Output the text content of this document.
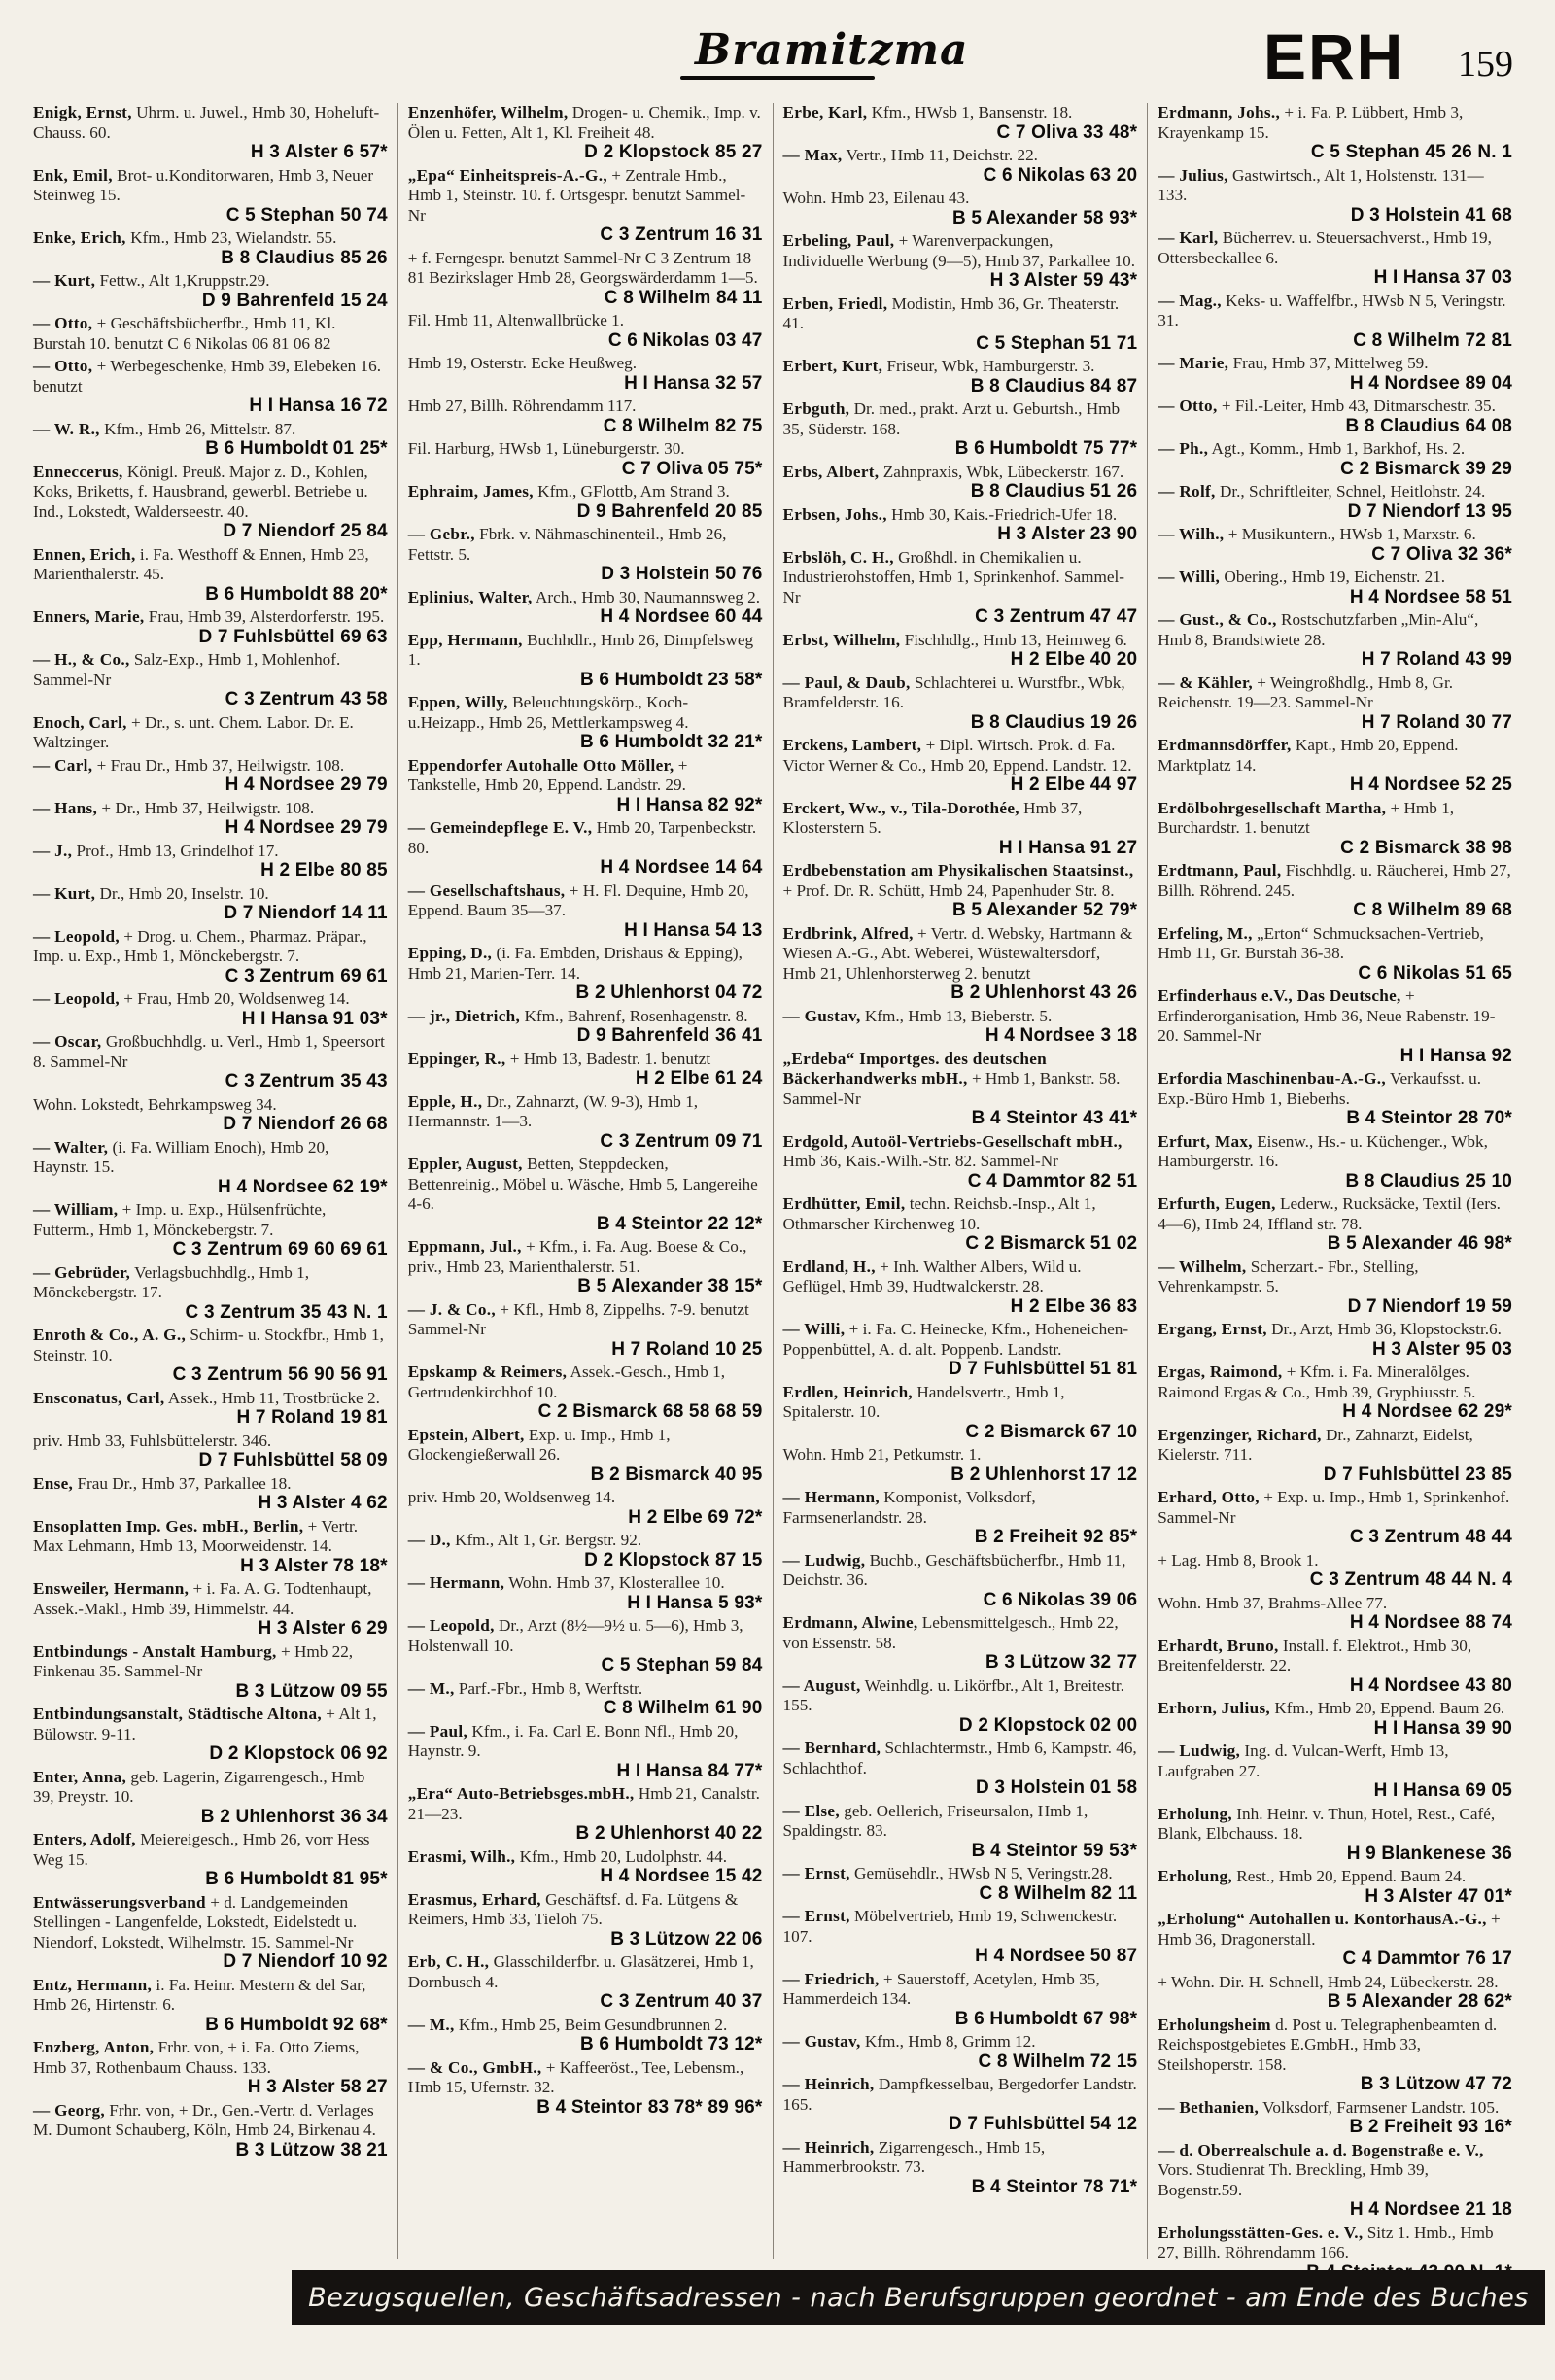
Bramitzma	ERH 159
Enigk, Ernst, Uhrm. u. Juwel., Hmb 30, Hoheluft-Chauss. 60.
H 3 Alster 6 57*
Enk, Emil, Brot- u.Konditorwaren, Hmb 3, Neuer Steinweg 15.
C 5 Stephan 50 74
Enke, Erich, Kfm., Hmb 23, Wielandstr. 55.
B 8 Claudius 85 26
— Kurt, Fettw., Alt 1,Kruppstr.29.
D 9 Bahrenfeld 15 24
— Otto, + Geschäftsbücherfbr., Hmb 11, Kl. Burstah 10. benutzt C 6 Nikolas 06 81 06 82
— Otto, + Werbegeschenke, Hmb 39, Elebeken 16. benutzt
H I Hansa 16 72
— W. R., Kfm., Hmb 26, Mittelstr. 87.
B 6 Humboldt 01 25*
Enneccerus, Königl. Preuß. Major z. D., Kohlen, Koks, Briketts, f. Hausbrand, gewerbl. Betriebe u. Ind., Lokstedt, Walderseestr. 40.
D 7 Niendorf 25 84
Ennen, Erich, i. Fa. Westhoff & Ennen, Hmb 23, Marienthalerstr. 45.
B 6 Humboldt 88 20*
Enners, Marie, Frau, Hmb 39, Alsterdorferstr. 195.
D 7 Fuhlsbüttel 69 63
— H., & Co., Salz-Exp., Hmb 1, Mohlenhof. Sammel-Nr
C 3 Zentrum 43 58
Enoch, Carl, + Dr., s. unt. Chem. Labor. Dr. E. Waltzinger.
— Carl, + Frau Dr., Hmb 37, Heilwigstr. 108.
H 4 Nordsee 29 79
— Hans, + Dr., Hmb 37, Heilwigstr. 108.
H 4 Nordsee 29 79
— J., Prof., Hmb 13, Grindelhof 17.
H 2 Elbe 80 85
— Kurt, Dr., Hmb 20, Inselstr. 10.
D 7 Niendorf 14 11
— Leopold, + Drog. u. Chem., Pharmaz. Präpar., Imp. u. Exp., Hmb 1, Mönckebergstr. 7.
C 3 Zentrum 69 61
— Leopold, + Frau, Hmb 20, Woldsenweg 14.
H I Hansa 91 03*
— Oscar, Großbuchhdlg. u. Verl., Hmb 1, Speersort 8. Sammel-Nr
C 3 Zentrum 35 43
Wohn. Lokstedt, Behrkampsweg 34.
D 7 Niendorf 26 68
— Walter, (i. Fa. William Enoch), Hmb 20, Haynstr. 15.
H 4 Nordsee 62 19*
— William, + Imp. u. Exp., Hülsenfrüchte, Futterm., Hmb 1, Mönckebergstr. 7.
C 3 Zentrum 69 60 69 61
— Gebrüder, Verlagsbuchhdlg., Hmb 1, Mönckebergstr. 17.
C 3 Zentrum 35 43 N. 1
Enroth & Co., A. G., Schirm- u. Stockfbr., Hmb 1, Steinstr. 10.
C 3 Zentrum 56 90 56 91
Ensconatus, Carl, Assek., Hmb 11, Trostbrücke 2.
H 7 Roland 19 81
priv. Hmb 33, Fuhlsbüttelerstr. 346.
D 7 Fuhlsbüttel 58 09
Ense, Frau Dr., Hmb 37, Parkallee 18.
H 3 Alster 4 62
Ensoplatten Imp. Ges. mbH., Berlin, + Vertr. Max Lehmann, Hmb 13, Moorweidenstr. 14.
H 3 Alster 78 18*
Ensweiler, Hermann, + i. Fa. A. G. Todtenhaupt, Assek.-Makl., Hmb 39, Himmelstr. 44.
H 3 Alster 6 29
Entbindungs - Anstalt Hamburg, + Hmb 22, Finkenau 35. Sammel-Nr
B 3 Lützow 09 55
Entbindungsanstalt, Städtische Altona, + Alt 1, Bülowstr. 9-11.
D 2 Klopstock 06 92
Enter, Anna, geb. Lagerin, Zigarrengesch., Hmb 39, Preystr. 10.
B 2 Uhlenhorst 36 34
Enters, Adolf, Meiereigesch., Hmb 26, vorr Hess Weg 15.
B 6 Humboldt 81 95*
Entwässerungsverband + d. Landgemeinden Stellingen - Langenfelde, Lokstedt, Eidelstedt u. Niendorf, Lokstedt, Wilhelmstr. 15. Sammel-Nr
D 7 Niendorf 10 92
Entz, Hermann, i. Fa. Heinr. Mestern & del Sar, Hmb 26, Hirtenstr. 6.
B 6 Humboldt 92 68*
Enzberg, Anton, Frhr. von, + i. Fa. Otto Ziems, Hmb 37, Rothenbaum Chauss. 133.
H 3 Alster 58 27
— Georg, Frhr. von, + Dr., Gen.-Vertr. d. Verlages M. Dumont Schauberg, Köln, Hmb 24, Birkenau 4.
B 3 Lützow 38 21
Enzenhöfer, Wilhelm, Drogen- u. Chemik., Imp. v. Ölen u. Fetten, Alt 1, Kl. Freiheit 48.
D 2 Klopstock 85 27
„Epa“ Einheitspreis-A.-G., + Zentrale Hmb., Hmb 1, Steinstr. 10. f. Ortsgespr. benutzt Sammel-Nr
C 3 Zentrum 16 31
+ f. Ferngespr. benutzt Sammel-Nr C 3 Zentrum 18 81 Bezirkslager Hmb 28, Georgswärderdamm 1—5.
C 8 Wilhelm 84 11
Fil. Hmb 11, Altenwallbrücke 1.
C 6 Nikolas 03 47
Hmb 19, Osterstr. Ecke Heußweg.
H I Hansa 32 57
Hmb 27, Billh. Röhrendamm 117.
C 8 Wilhelm 82 75
Fil. Harburg, HWsb 1, Lüneburgerstr. 30.
C 7 Oliva 05 75*
Ephraim, James, Kfm., GFlottb, Am Strand 3.
D 9 Bahrenfeld 20 85
— Gebr., Fbrk. v. Nähmaschinenteil., Hmb 26, Fettstr. 5.
D 3 Holstein 50 76
Eplinius, Walter, Arch., Hmb 30, Naumannsweg 2.
H 4 Nordsee 60 44
Epp, Hermann, Buchhdlr., Hmb 26, Dimpfelsweg 1.
B 6 Humboldt 23 58*
Eppen, Willy, Beleuchtungskörp., Koch-u.Heizapp., Hmb 26, Mettlerkampsweg 4.
B 6 Humboldt 32 21*
Eppendorfer Autohalle Otto Möller, + Tankstelle, Hmb 20, Eppend. Landstr. 29.
H I Hansa 82 92*
— Gemeindepflege E. V., Hmb 20, Tarpenbeckstr. 80.
H 4 Nordsee 14 64
— Gesellschaftshaus, + H. Fl. Dequine, Hmb 20, Eppend. Baum 35—37.
H I Hansa 54 13
Epping, D., (i. Fa. Embden, Drishaus & Epping), Hmb 21, Marien-Terr. 14.
B 2 Uhlenhorst 04 72
— jr., Dietrich, Kfm., Bahrenf, Rosenhagenstr. 8.
D 9 Bahrenfeld 36 41
Eppinger, R., + Hmb 13, Badestr. 1. benutzt
H 2 Elbe 61 24
Epple, H., Dr., Zahnarzt, (W. 9-3), Hmb 1, Hermannstr. 1—3.
C 3 Zentrum 09 71
Eppler, August, Betten, Steppdecken, Bettenreinig., Möbel u. Wäsche, Hmb 5, Langereihe 4-6.
B 4 Steintor 22 12*
Eppmann, Jul., + Kfm., i. Fa. Aug. Boese & Co., priv., Hmb 23, Marienthalerstr. 51.
B 5 Alexander 38 15*
— J. & Co., + Kfl., Hmb 8, Zippelhs. 7-9. benutzt Sammel-Nr
H 7 Roland 10 25
Epskamp & Reimers, Assek.-Gesch., Hmb 1, Gertrudenkirchhof 10.
C 2 Bismarck 68 58 68 59
Epstein, Albert, Exp. u. Imp., Hmb 1, Glockengießerwall 26.
B 2 Bismarck 40 95
priv. Hmb 20, Woldsenweg 14.
H 2 Elbe 69 72*
— D., Kfm., Alt 1, Gr. Bergstr. 92.
D 2 Klopstock 87 15
— Hermann, Wohn. Hmb 37, Klosterallee 10.
H I Hansa 5 93*
— Leopold, Dr., Arzt (8½—9½ u. 5—6), Hmb 3, Holstenwall 10.
C 5 Stephan 59 84
— M., Parf.-Fbr., Hmb 8, Werftstr.
C 8 Wilhelm 61 90
— Paul, Kfm., i. Fa. Carl E. Bonn Nfl., Hmb 20, Haynstr. 9.
H I Hansa 84 77*
„Era“ Auto-Betriebsges.mbH., Hmb 21, Canalstr. 21—23.
B 2 Uhlenhorst 40 22
Erasmi, Wilh., Kfm., Hmb 20, Ludolphstr. 44.
H 4 Nordsee 15 42
Erasmus, Erhard, Geschäftsf. d. Fa. Lütgens & Reimers, Hmb 33, Tieloh 75.
B 3 Lützow 22 06
Erb, C. H., Glasschilderfbr. u. Glasätzerei, Hmb 1, Dornbusch 4.
C 3 Zentrum 40 37
— M., Kfm., Hmb 25, Beim Gesundbrunnen 2.
B 6 Humboldt 73 12*
— & Co., GmbH., + Kaffeeröst., Tee, Lebensm., Hmb 15, Ufernstr. 32.
B 4 Steintor 83 78* 89 96*
Erbe, Karl, Kfm., HWsb 1, Bansenstr. 18.
C 7 Oliva 33 48*
— Max, Vertr., Hmb 11, Deichstr. 22.
C 6 Nikolas 63 20
Wohn. Hmb 23, Eilenau 43.
B 5 Alexander 58 93*
Erbeling, Paul, + Warenverpackungen, Individuelle Werbung (9—5), Hmb 37, Parkallee 10.
H 3 Alster 59 43*
Erben, Friedl, Modistin, Hmb 36, Gr. Theaterstr. 41.
C 5 Stephan 51 71
Erbert, Kurt, Friseur, Wbk, Hamburgerstr. 3.
B 8 Claudius 84 87
Erbguth, Dr. med., prakt. Arzt u. Geburtsh., Hmb 35, Süderstr. 168.
B 6 Humboldt 75 77*
Erbs, Albert, Zahnpraxis, Wbk, Lübeckerstr. 167.
B 8 Claudius 51 26
Erbsen, Johs., Hmb 30, Kais.-Friedrich-Ufer 18.
H 3 Alster 23 90
Erbslöh, C. H., Großhdl. in Chemikalien u. Industrierohstoffen, Hmb 1, Sprinkenhof. Sammel-Nr
C 3 Zentrum 47 47
Erbst, Wilhelm, Fischhdlg., Hmb 13, Heimweg 6.
H 2 Elbe 40 20
— Paul, & Daub, Schlachterei u. Wurstfbr., Wbk, Bramfelderstr. 16.
B 8 Claudius 19 26
Erckens, Lambert, + Dipl. Wirtsch. Prok. d. Fa. Victor Werner & Co., Hmb 20, Eppend. Landstr. 12.
H 2 Elbe 44 97
Erckert, Ww., v., Tila-Dorothée, Hmb 37, Klosterstern 5.
H I Hansa 91 27
Erdbebenstation am Physikalischen Staatsinst., + Prof. Dr. R. Schütt, Hmb 24, Papenhuder Str. 8.
B 5 Alexander 52 79*
Erdbrink, Alfred, + Vertr. d. Websky, Hartmann & Wiesen A.-G., Abt. Weberei, Wüstewaltersdorf, Hmb 21, Uhlenhorsterweg 2. benutzt
B 2 Uhlenhorst 43 26
— Gustav, Kfm., Hmb 13, Bieberstr. 5.
H 4 Nordsee 3 18
„Erdeba“ Importges. des deutschen Bäckerhandwerks mbH., + Hmb 1, Bankstr. 58. Sammel-Nr
B 4 Steintor 43 41*
Erdgold, Autoöl-Vertriebs-Gesellschaft mbH., Hmb 36, Kais.-Wilh.-Str. 82. Sammel-Nr
C 4 Dammtor 82 51
Erdhütter, Emil, techn. Reichsb.-Insp., Alt 1, Othmarscher Kirchenweg 10.
C 2 Bismarck 51 02
Erdland, H., + Inh. Walther Albers, Wild u. Geflügel, Hmb 39, Hudtwalckerstr. 28.
H 2 Elbe 36 83
— Willi, + i. Fa. C. Heinecke, Kfm., Hoheneichen-Poppenbüttel, A. d. alt. Poppenb. Landstr.
D 7 Fuhlsbüttel 51 81
Erdlen, Heinrich, Handelsvertr., Hmb 1, Spitalerstr. 10.
C 2 Bismarck 67 10
Wohn. Hmb 21, Petkumstr. 1.
B 2 Uhlenhorst 17 12
— Hermann, Komponist, Volksdorf, Farmsenerlandstr. 28.
B 2 Freiheit 92 85*
— Ludwig, Buchb., Geschäftsbücherfbr., Hmb 11, Deichstr. 36.
C 6 Nikolas 39 06
Erdmann, Alwine, Lebensmittelgesch., Hmb 22, von Essenstr. 58.
B 3 Lützow 32 77
— August, Weinhdlg. u. Likörfbr., Alt 1, Breitestr. 155.
D 2 Klopstock 02 00
— Bernhard, Schlachtermstr., Hmb 6, Kampstr. 46, Schlachthof.
D 3 Holstein 01 58
— Else, geb. Oellerich, Friseursalon, Hmb 1, Spaldingstr. 83.
B 4 Steintor 59 53*
— Ernst, Gemüsehdlr., HWsb N 5, Veringstr.28.
C 8 Wilhelm 82 11
— Ernst, Möbelvertrieb, Hmb 19, Schwenckestr. 107.
H 4 Nordsee 50 87
— Friedrich, + Sauerstoff, Acetylen, Hmb 35, Hammerdeich 134.
B 6 Humboldt 67 98*
— Gustav, Kfm., Hmb 8, Grimm 12.
C 8 Wilhelm 72 15
— Heinrich, Dampfkesselbau, Bergedorfer Landstr. 165.
D 7 Fuhlsbüttel 54 12
— Heinrich, Zigarrengesch., Hmb 15, Hammerbrookstr. 73.
B 4 Steintor 78 71*
Erdmann, Johs., + i. Fa. P. Lübbert, Hmb 3, Krayenkamp 15.
C 5 Stephan 45 26 N. 1
— Julius, Gastwirtsch., Alt 1, Holstenstr. 131—133.
D 3 Holstein 41 68
— Karl, Bücherrev. u. Steuersachverst., Hmb 19, Ottersbeckallee 6.
H I Hansa 37 03
— Mag., Keks- u. Waffelfbr., HWsb N 5, Veringstr. 31.
C 8 Wilhelm 72 81
— Marie, Frau, Hmb 37, Mittelweg 59.
H 4 Nordsee 89 04
— Otto, + Fil.-Leiter, Hmb 43, Ditmarschestr. 35.
B 8 Claudius 64 08
— Ph., Agt., Komm., Hmb 1, Barkhof, Hs. 2.
C 2 Bismarck 39 29
— Rolf, Dr., Schriftleiter, Schnel, Heitlohstr. 24.
D 7 Niendorf 13 95
— Wilh., + Musikuntern., HWsb 1, Marxstr. 6.
C 7 Oliva 32 36*
— Willi, Obering., Hmb 19, Eichenstr. 21.
H 4 Nordsee 58 51
— Gust., & Co., Rostschutzfarben „Min-Alu“, Hmb 8, Brandstwiete 28.
H 7 Roland 43 99
— & Kähler, + Weingroßhdlg., Hmb 8, Gr. Reichenstr. 19—23. Sammel-Nr
H 7 Roland 30 77
Erdmannsdörffer, Kapt., Hmb 20, Eppend. Marktplatz 14.
H 4 Nordsee 52 25
Erdölbohrgesellschaft Martha, + Hmb 1, Burchardstr. 1. benutzt
C 2 Bismarck 38 98
Erdtmann, Paul, Fischhdlg. u. Räucherei, Hmb 27, Billh. Röhrend. 245.
C 8 Wilhelm 89 68
Erfeling, M., „Erton“ Schmucksachen-Vertrieb, Hmb 11, Gr. Burstah 36-38.
C 6 Nikolas 51 65
Erfinderhaus e.V., Das Deutsche, + Erfinderorganisation, Hmb 36, Neue Rabenstr. 19-20. Sammel-Nr
H I Hansa 92
Erfordia Maschinenbau-A.-G., Verkaufsst. u. Exp.-Büro Hmb 1, Bieberhs.
B 4 Steintor 28 70*
Erfurt, Max, Eisenw., Hs.- u. Küchenger., Wbk, Hamburgerstr. 16.
B 8 Claudius 25 10
Erfurth, Eugen, Lederw., Rucksäcke, Textil (Iers. 4—6), Hmb 24, Iffland str. 78.
B 5 Alexander 46 98*
— Wilhelm, Scherzart.- Fbr., Stelling, Vehrenkampstr. 5.
D 7 Niendorf 19 59
Ergang, Ernst, Dr., Arzt, Hmb 36, Klopstockstr.6.
H 3 Alster 95 03
Ergas, Raimond, + Kfm. i. Fa. Mineralölges. Raimond Ergas & Co., Hmb 39, Gryphiusstr. 5.
H 4 Nordsee 62 29*
Ergenzinger, Richard, Dr., Zahnarzt, Eidelst, Kielerstr. 711.
D 7 Fuhlsbüttel 23 85
Erhard, Otto, + Exp. u. Imp., Hmb 1, Sprinkenhof. Sammel-Nr
C 3 Zentrum 48 44
+ Lag. Hmb 8, Brook 1.
C 3 Zentrum 48 44 N. 4
Wohn. Hmb 37, Brahms-Allee 77.
H 4 Nordsee 88 74
Erhardt, Bruno, Install. f. Elektrot., Hmb 30, Breitenfelderstr. 22.
H 4 Nordsee 43 80
Erhorn, Julius, Kfm., Hmb 20, Eppend. Baum 26.
H I Hansa 39 90
— Ludwig, Ing. d. Vulcan-Werft, Hmb 13, Laufgraben 27.
H I Hansa 69 05
Erholung, Inh. Heinr. v. Thun, Hotel, Rest., Café, Blank, Elbchauss. 18.
H 9 Blankenese 36
Erholung, Rest., Hmb 20, Eppend. Baum 24.
H 3 Alster 47 01*
„Erholung“ Autohallen u. KontorhausA.-G., + Hmb 36, Dragonerstall.
C 4 Dammtor 76 17
+ Wohn. Dir. H. Schnell, Hmb 24, Lübeckerstr. 28.
B 5 Alexander 28 62*
Erholungsheim d. Post u. Telegraphenbeamten d. Reichspostgebietes E.GmbH., Hmb 33, Steilshoperstr. 158.
B 3 Lützow 47 72
— Bethanien, Volksdorf, Farmsener Landstr. 105.
B 2 Freiheit 93 16*
— d. Oberrealschule a. d. Bogenstraße e. V., Vors. Studienrat Th. Breckling, Hmb 39, Bogenstr.59.
H 4 Nordsee 21 18
Erholungsstätten-Ges. e. V., Sitz 1. Hmb., Hmb 27, Billh. Röhrendamm 166.
Bezugsquellen, Geschäftsadressen - nach Berufsgruppen geordnet - am Ende des Buches
